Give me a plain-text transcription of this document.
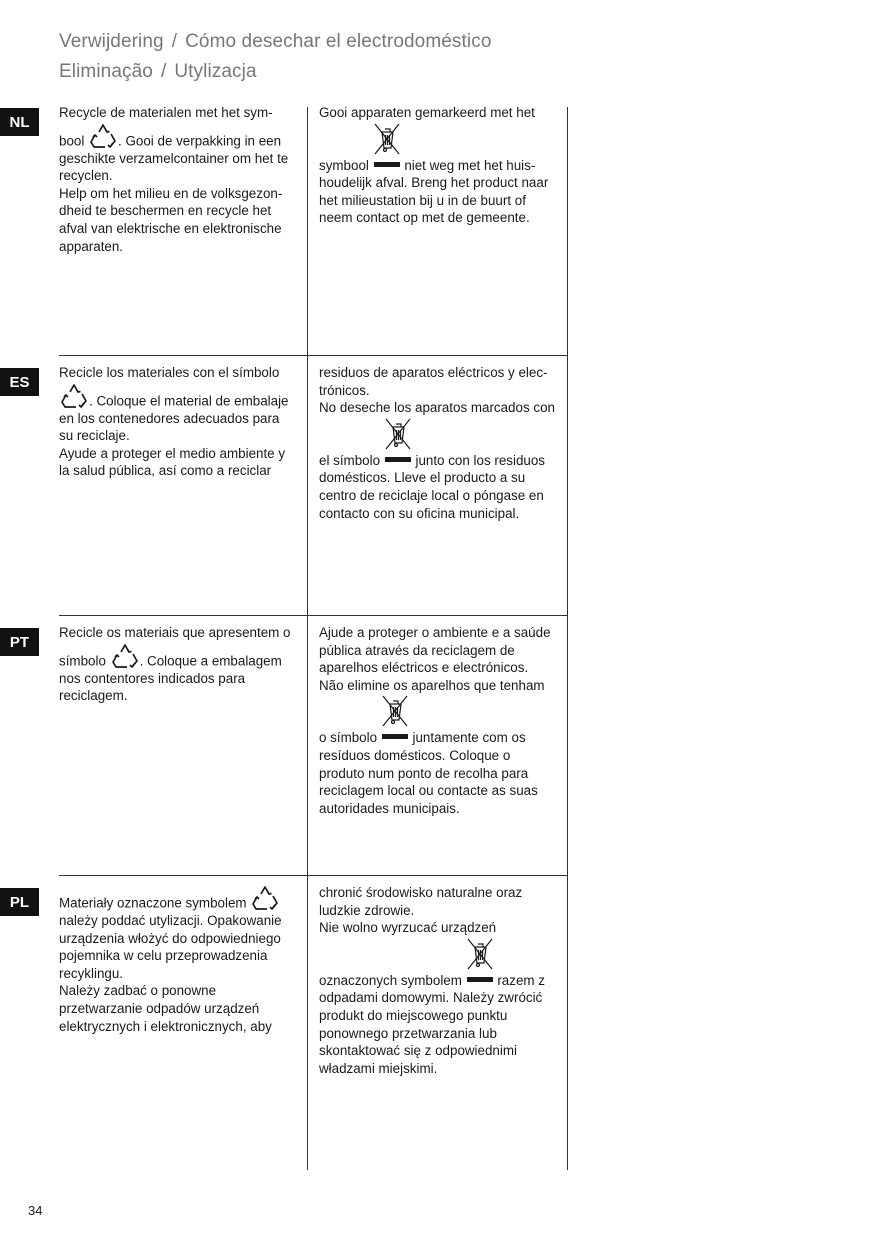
Verwijdering / Cómo desechar el electrodoméstico
Eliminação / Utylizacja
NL
ES
PT
PL

Recycle de materialen met het sym-

bool
. Gooi de verpakking in een geschikte verzamelcontainer om het te recyclen.

Help om het milieu en de volksgezon-dheid te beschermen en recycle het afval van elektrische en elektronische apparaten.

Gooi apparaten gemarkeerd met het

symbool
niet weg met het huis-houdelijk afval. Breng het product naar het milieustation bij u in de buurt of neem contact op met de gemeente.

Recicle los materiales con el símbolo

. Coloque el material de embalaje en los contenedores adecuados para su reciclaje.

Ayude a proteger el medio ambiente y la salud pública, así como a reciclar

residuos de aparatos eléctricos y elec-trónicos.

No deseche los aparatos marcados con

el símbolo
junto con los residuos domésticos. Lleve el producto a su centro de reciclaje local o póngase en contacto con su oficina municipal.

Recicle os materiais que apresentem o

símbolo
. Coloque a embalagem nos contentores indicados para reciclagem.

Ajude a proteger o ambiente e a saúde pública através da reciclagem de aparelhos eléctricos e electrónicos.

Não elimine os aparelhos que tenham

o símbolo
juntamente com os resíduos domésticos. Coloque o produto num ponto de recolha para reciclagem local ou contacte as suas autoridades municipais.

Materiały oznaczone symbolem

należy poddać utylizacji. Opakowanie urządzenia włożyć do odpowiedniego pojemnika w celu przeprowadzenia recyklingu.

Należy zadbać o ponowne przetwarzanie odpadów urządzeń elektrycznych i elektronicznych, aby

chronić środowisko naturalne oraz ludzkie zdrowie.

Nie wolno wyrzucać urządzeń

oznaczonych symbolem
razem z odpadami domowymi. Należy zwrócić produkt do miejscowego punktu ponownego przetwarzania lub skontaktować się z odpowiednimi władzami miejskimi.

34
